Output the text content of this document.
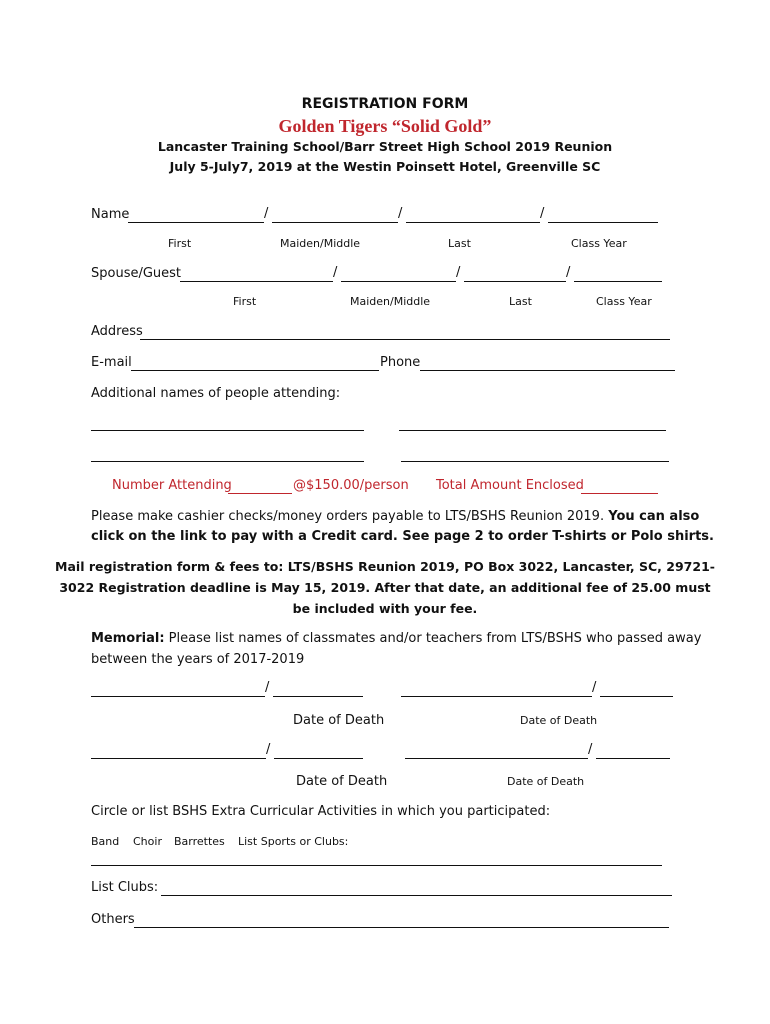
REGISTRATION FORM
Golden Tigers “Solid Gold”
Lancaster Training School/Barr Street High School 2019 Reunion
July 5-July7, 2019 at the Westin Poinsett Hotel, Greenville SC
Name	/	/	/
First	Maiden/Middle	Last	Class Year
Spouse/Guest	/	/	/
First	Maiden/Middle	Last	Class Year
Address
E-mail	Phone
Additional names of people attending:
Number Attending	@$150.00/person Total Amount Enclosed
Please make cashier checks/money orders payable to LTS/BSHS Reunion 2019. You can also
click on the link to pay with a Credit card. See page 2 to order T-shirts or Polo shirts.
Mail registration form & fees to: LTS/BSHS Reunion 2019, PO Box 3022, Lancaster, SC, 29721-
3022 Registration deadline is May 15, 2019. After that date, an additional fee of 25.00 must
be included with your fee.
Memorial: Please list names of classmates and/or teachers from LTS/BSHS who passed away
between the years of 2017-2019
/	/
Date of Death	Date of Death
/	/
Date of Death	Date of Death
Circle or list BSHS Extra Curricular Activities in which you participated:
Band Choir Barrettes List Sports or Clubs:
List Clubs:
Others
